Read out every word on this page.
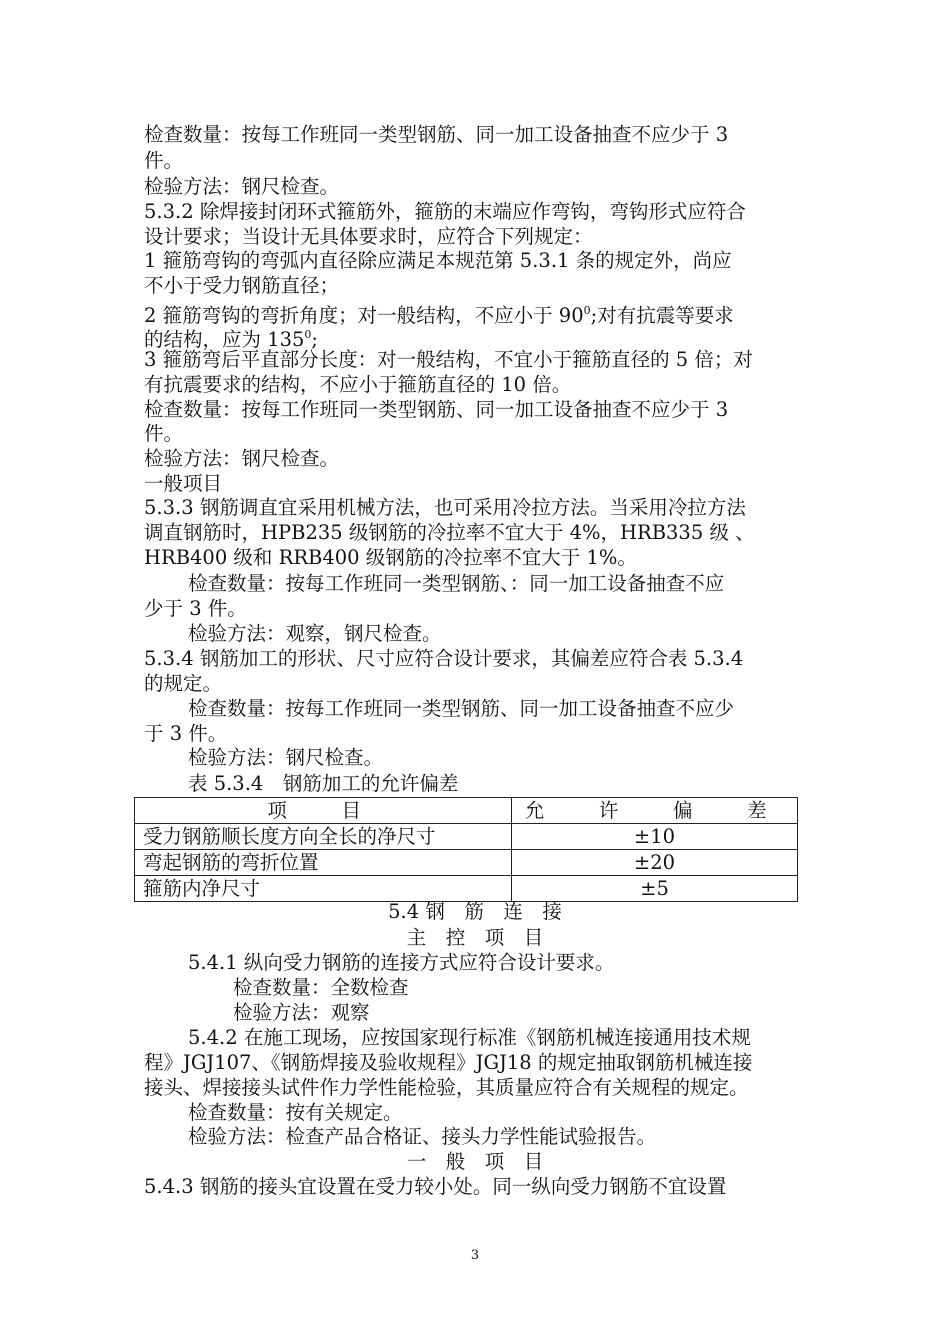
检查数量：按每工作班同一类型钢筋、同一加工设备抽查不应少于 3
件。
检验方法：钢尺检查。
5.3.2 除焊接封闭环式箍筋外，箍筋的末端应作弯钩，弯钩形式应符合
设计要求；当设计无具体要求时，应符合下列规定：
1 箍筋弯钩的弯弧内直径除应满足本规范第 5.3.1 条的规定外，尚应
不小于受力钢筋直径；
2 箍筋弯钩的弯折角度；对一般结构，不应小于 $90^0$;对有抗震等要求
的结构，应为 $135^0$;
3 箍筋弯后平直部分长度：对一般结构，不宜小于箍筋直径的 5 倍；对
有抗震要求的结构，不应小于箍筋直径的 10 倍。
检查数量：按每工作班同一类型钢筋、同一加工设备抽查不应少于 3
件。
检验方法：钢尺检查。
一般项目
5.3.3 钢筋调直宜采用机械方法，也可采用冷拉方法。当采用冷拉方法
调直钢筋时，HPB235 级钢筋的冷拉率不宜大于 4%，HRB335 级 、
HRB400 级和 RRB400 级钢筋的冷拉率不宜大于 1%。
检查数量：按每工作班同一类型钢筋、：同一加工设备抽查不应
少于 3 件。
检验方法：观察，钢尺检查。
5.3.4 钢筋加工的形状、尺寸应符合设计要求，其偏差应符合表 5.3.4
的规定。
检查数量：按每工作班同一类型钢筋、同一加工设备抽查不应少
于 3 件。
检验方法：钢尺检查。
表 5.3.4　钢筋加工的允许偏差
项　目	允　许　偏　差
受力钢筋顺长度方向全长的净尺寸	±10
弯起钢筋的弯折位置	±20
箍筋内净尺寸	±5
5.4 钢　筋　连　接
主　控　项　目
5.4.1 纵向受力钢筋的连接方式应符合设计要求。
检查数量：全数检查
检验方法：观察
5.4.2 在施工现场，应按国家现行标准《钢筋机械连接通用技术规
程》JGJ107、《钢筋焊接及验收规程》JGJ18 的规定抽取钢筋机械连接
接头、焊接接头试件作力学性能检验，其质量应符合有关规程的规定。
检查数量：按有关规定。
检验方法：检查产品合格证、接头力学性能试验报告。
一　般　项　目
5.4.3 钢筋的接头宜设置在受力较小处。同一纵向受力钢筋不宜设置
3
